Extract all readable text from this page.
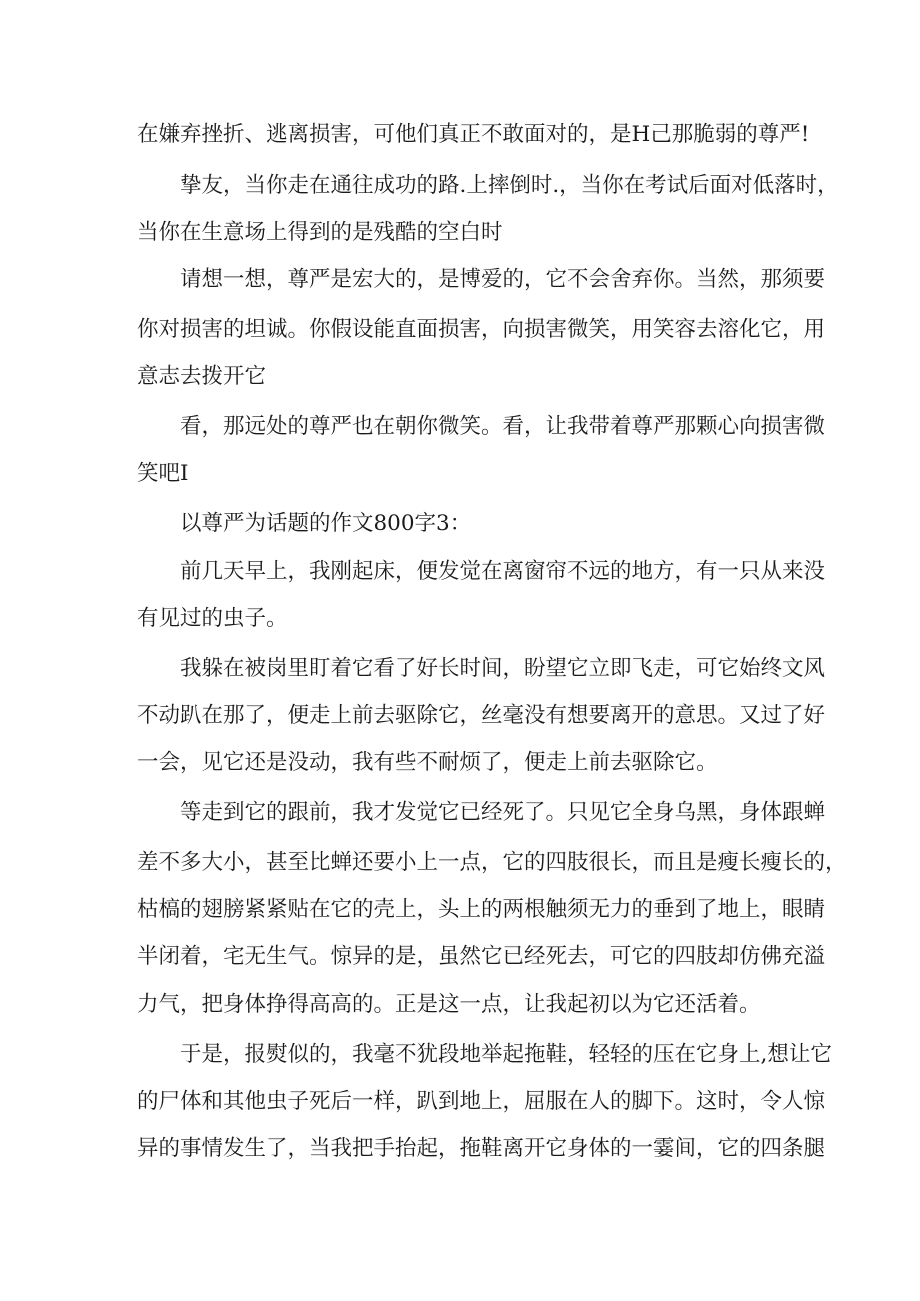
在嫌弃挫折、逃离损害，可他们真正不敢面对的，是H己那脆弱的尊严!
挚友，当你走在通往成功的路.上摔倒时.，当你在考试后面对低落时，
当你在生意场上得到的是残酷的空白时
请想一想，尊严是宏大的，是博爱的，它不会舍弃你。当然，那须要
你对损害的坦诚。你假设能直面损害，向损害微笑，用笑容去溶化它，用
意志去拨开它
看，那远处的尊严也在朝你微笑。看，让我带着尊严那颗心向损害微
笑吧I
以尊严为话题的作文800字3：
前几天早上，我刚起床，便发觉在离窗帘不远的地方，有一只从来没
有见过的虫子。
我躲在被岗里盯着它看了好长时间，盼望它立即飞走，可它始终文风
不动趴在那了，便走上前去驱除它，丝毫没有想要离开的意思。又过了好
一会，见它还是没动，我有些不耐烦了，便走上前去驱除它。
等走到它的跟前，我才发觉它已经死了。只见它全身乌黑，身体跟蝉
差不多大小，甚至比蝉还要小上一点，它的四肢很长，而且是瘦长瘦长的，
枯槁的翅膀紧紧贴在它的壳上，头上的两根触须无力的垂到了地上，眼睛
半闭着，宅无生气。惊异的是，虽然它已经死去，可它的四肢却仿佛充溢
力气，把身体挣得高高的。正是这一点，让我起初以为它还活着。
于是，报熨似的，我毫不犹段地举起拖鞋，轻轻的压在它身上,想让它
的尸体和其他虫子死后一样，趴到地上，屈服在人的脚下。这时，令人惊
异的事情发生了，当我把手抬起，拖鞋离开它身体的一霎间，它的四条腿
